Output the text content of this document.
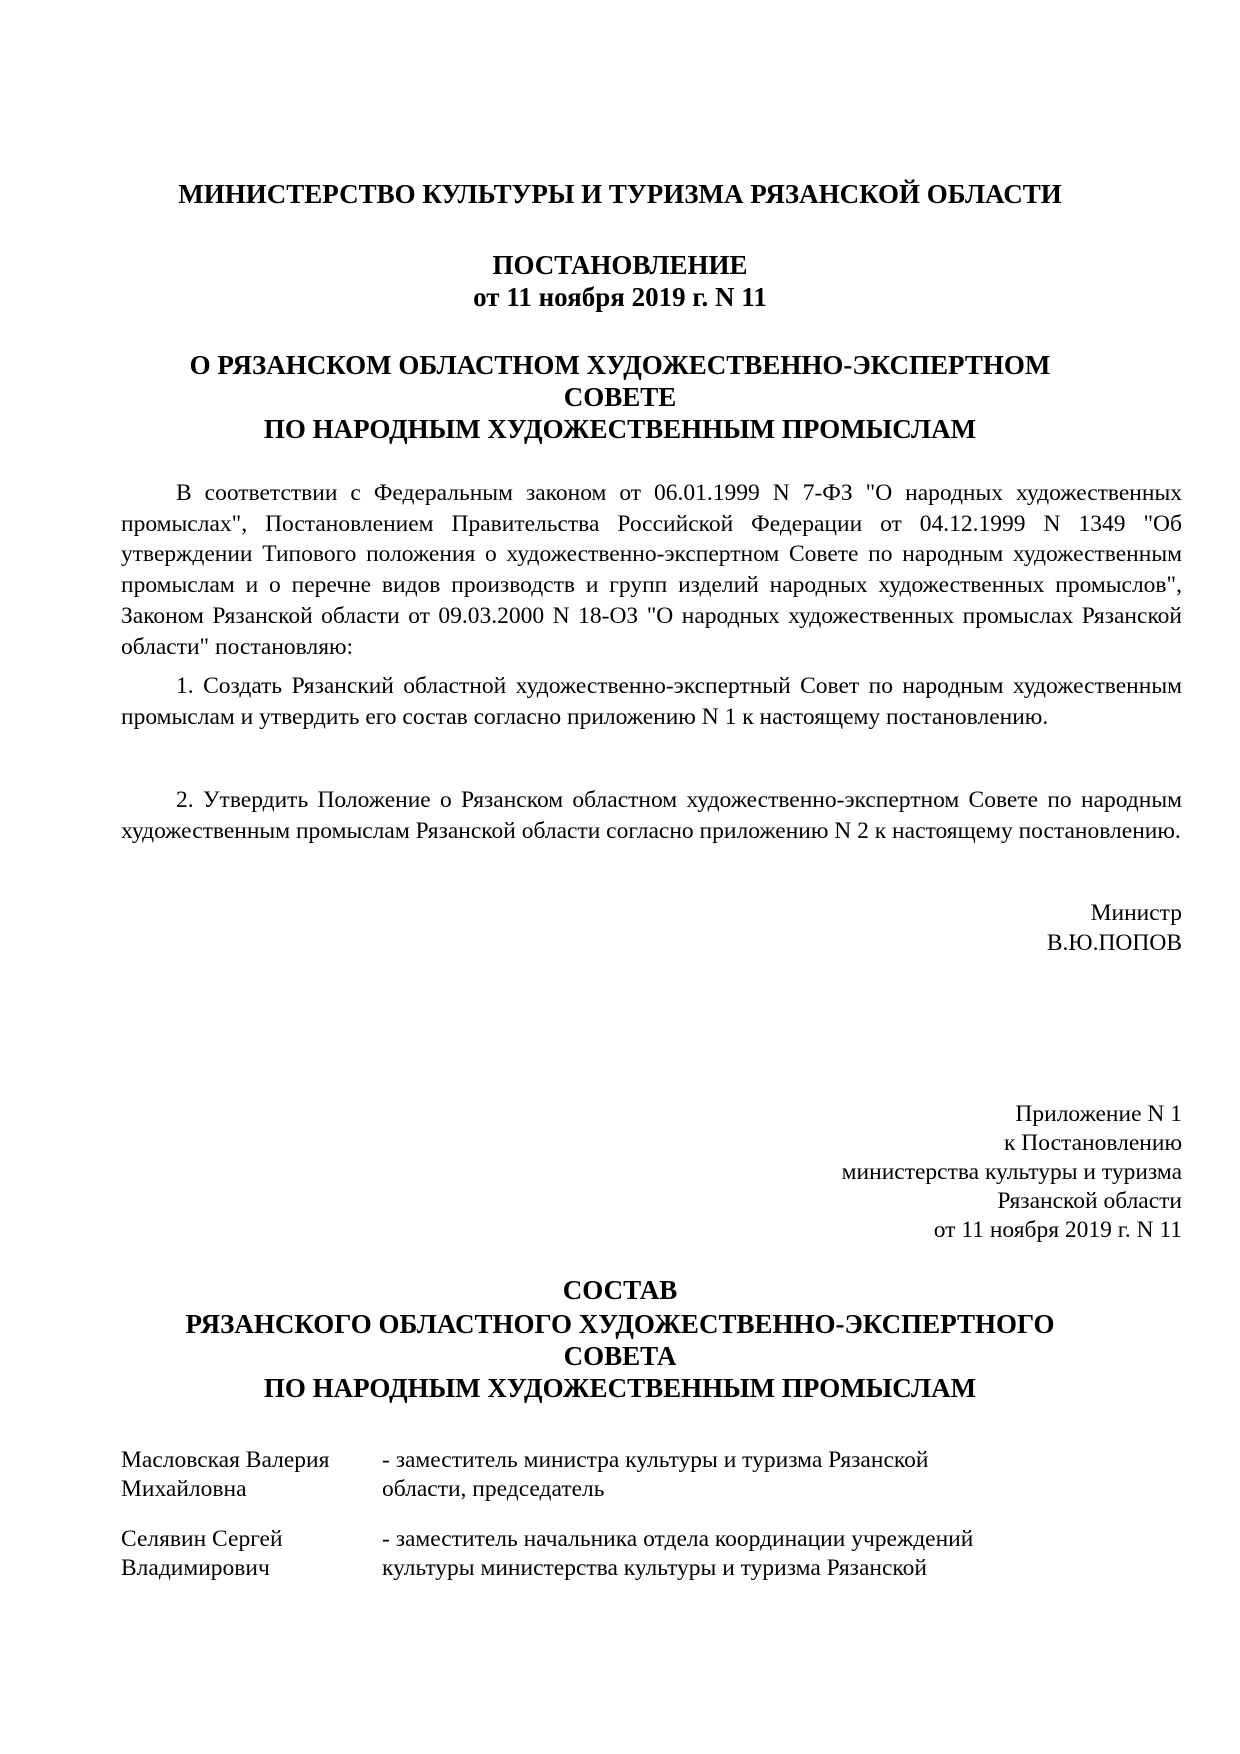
МИНИСТЕРСТВО КУЛЬТУРЫ И ТУРИЗМА РЯЗАНСКОЙ ОБЛАСТИ
ПОСТАНОВЛЕНИЕ
от 11 ноября 2019 г. N 11
О РЯЗАНСКОМ ОБЛАСТНОМ ХУДОЖЕСТВЕННО-ЭКСПЕРТНОМ
СОВЕТЕ
ПО НАРОДНЫМ ХУДОЖЕСТВЕННЫМ ПРОМЫСЛАМ

В соответствии с Федеральным законом от 06.01.1999 N 7-ФЗ "О народных художественных промыслах", Постановлением Правительства Российской Федерации от 04.12.1999 N 1349 "Об утверждении Типового положения о художественно-экспертном Совете по народным художественным промыслам и о перечне видов производств и групп изделий народных художественных промыслов", Законом Рязанской области от 09.03.2000 N 18-ОЗ "О народных художественных промыслах Рязанской области" постановляю:

1. Создать Рязанский областной художественно-экспертный Совет по народным художественным промыслам и утвердить его состав согласно приложению N 1 к настоящему постановлению.

2. Утвердить Положение о Рязанском областном художественно-экспертном Совете по народным художественным промыслам Рязанской области согласно приложению N 2 к настоящему постановлению.

Министр
В.Ю.ПОПОВ
Приложение N 1
к Постановлению
министерства культуры и туризма
Рязанской области
от 11 ноября 2019 г. N 11
СОСТАВ
РЯЗАНСКОГО ОБЛАСТНОГО ХУДОЖЕСТВЕННО-ЭКСПЕРТНОГО
СОВЕТА
ПО НАРОДНЫМ ХУДОЖЕСТВЕННЫМ ПРОМЫСЛАМ
Масловская Валерия
Михайловна
- заместитель министра культуры и туризма Рязанской
области, председатель
Селявин Сергей
Владимирович
- заместитель начальника отдела координации учреждений
культуры министерства культуры и туризма Рязанской
